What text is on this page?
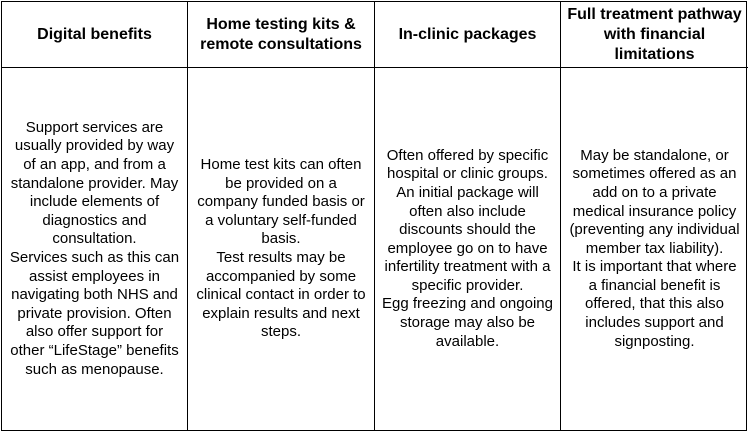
Digital benefits
Home testing kits & remote consultations
In-clinic packages
Full treatment pathway with financial limitations
Support services are usually provided by way of an app, and from a standalone provider. May include elements of diagnostics and consultation.
Services such as this can assist employees in navigating both NHS and private provision. Often also offer support for other “LifeStage” benefits such as menopause.
Home test kits can often be provided on a company funded basis or a voluntary self-funded basis.
Test results may be accompanied by some clinical contact in order to explain results and next steps.
Often offered by specific hospital or clinic groups.
An initial package will often also include discounts should the employee go on to have infertility treatment with a specific provider.
Egg freezing and ongoing storage may also be available.
May be standalone, or sometimes offered as an add on to a private medical insurance policy (preventing any individual member tax liability).
It is important that where a financial benefit is offered, that this also includes support and signposting.
